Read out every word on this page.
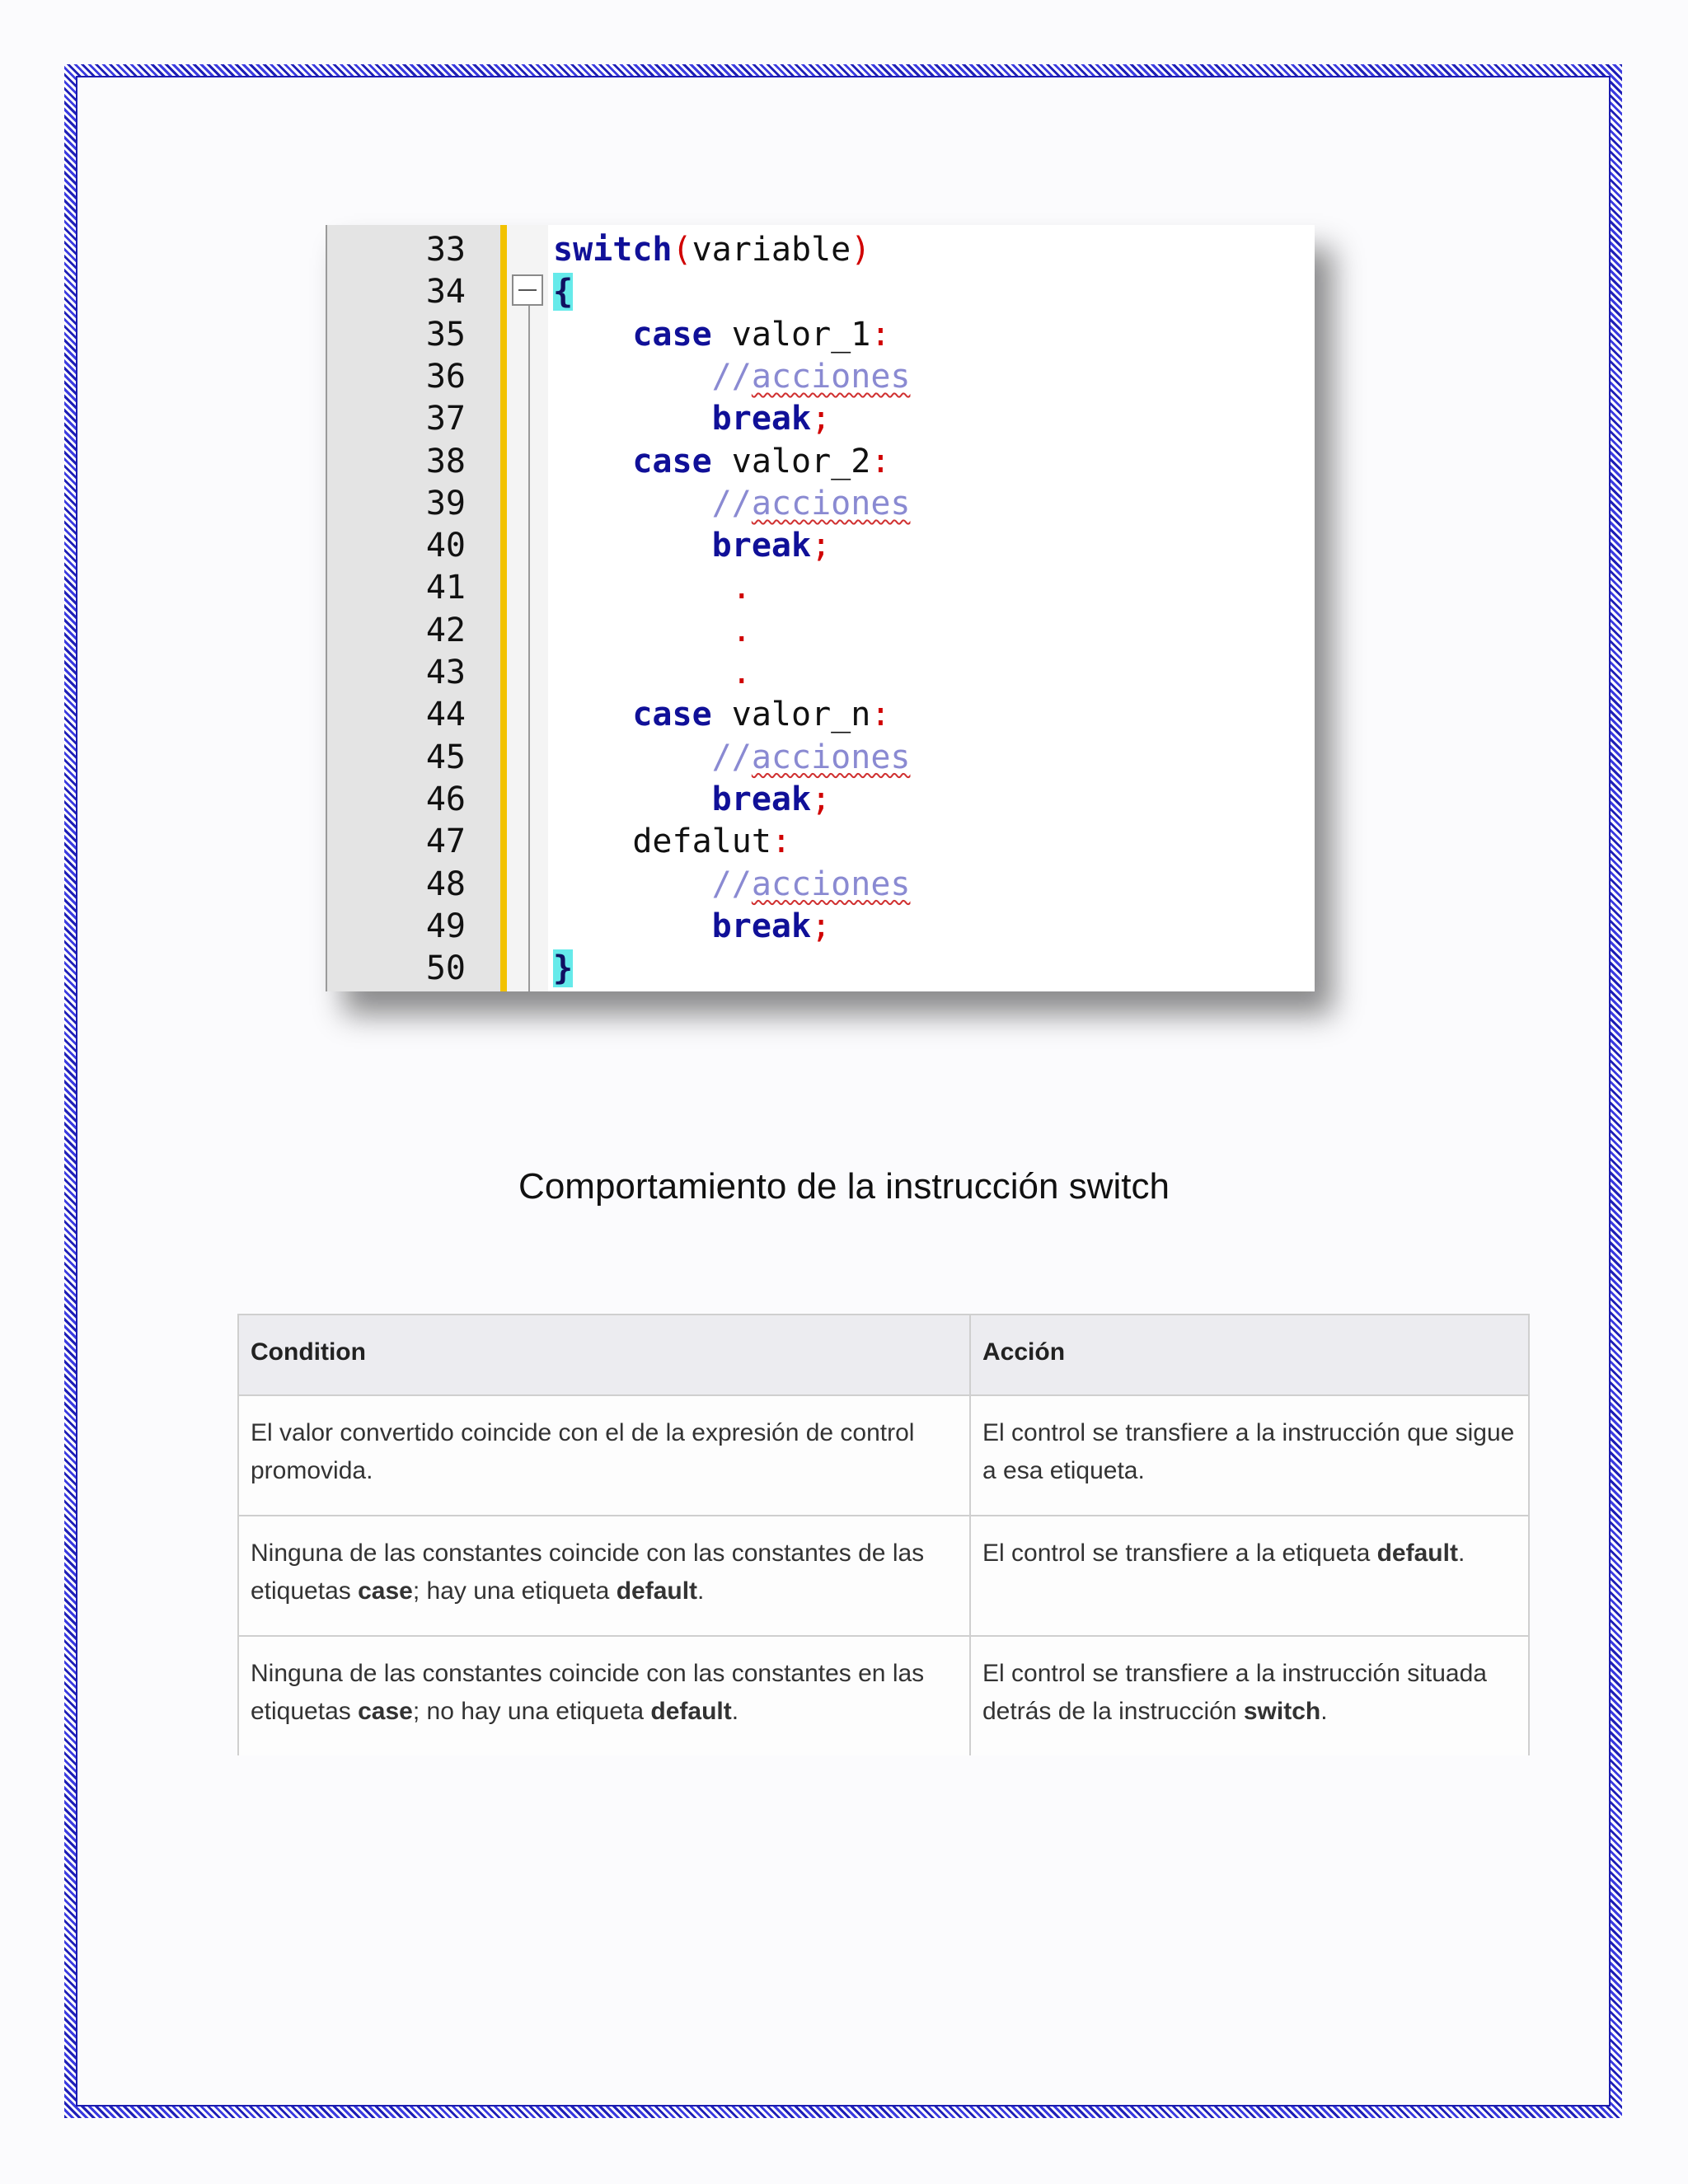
33	switch(variable)
34	{
35	case valor_1:
36	//acciones
37	break;
38	case valor_2:
39	//acciones
40	break;
41	.
42	.
43	.
44	case valor_n:
45	//acciones
46	break;
47	defalut:
48	//acciones
49	break;
50	}
Comportamiento de la instrucción switch
Condition	Acción
El valor convertido coincide con el de la expresión de control promovida.	El control se transfiere a la instrucción que sigue a esa etiqueta.
Ninguna de las constantes coincide con las constantes de las etiquetas case; hay una etiqueta default.	El control se transfiere a la etiqueta default.
Ninguna de las constantes coincide con las constantes en las etiquetas case; no hay una etiqueta default.	El control se transfiere a la instrucción situada detrás de la instrucción switch.
